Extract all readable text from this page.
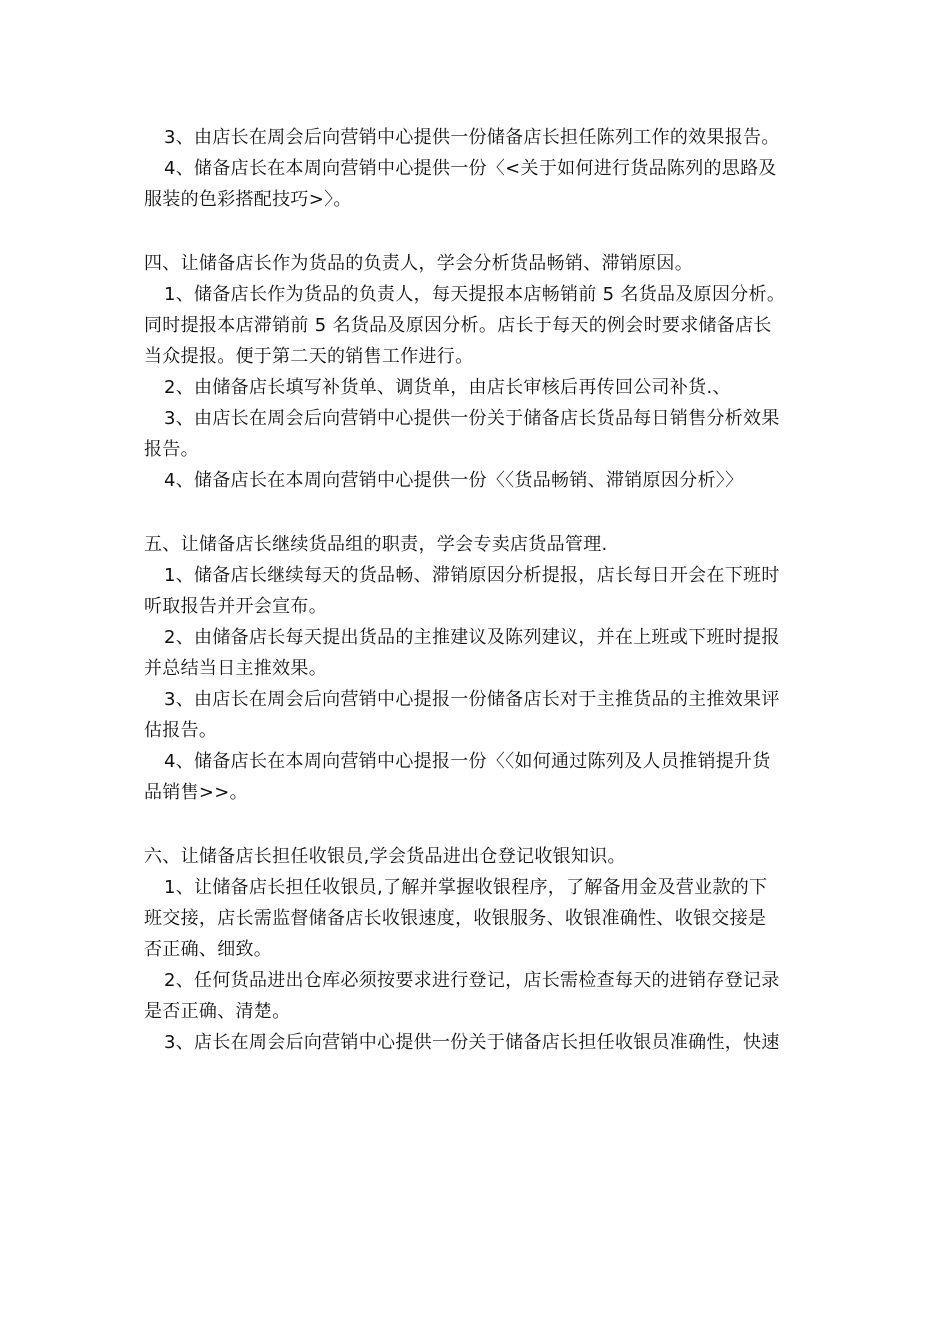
3、由店长在周会后向营销中心提供一份储备店长担任陈列工作的效果报告。

4、储备店长在本周向营销中心提供一份〈<关于如何进行货品陈列的思路及

服装的色彩搭配技巧>〉。

四、让储备店长作为货品的负责人，学会分析货品畅销、滞销原因。

1、储备店长作为货品的负责人，每天提报本店畅销前 5 名货品及原因分析。

同时提报本店滞销前 5 名货品及原因分析。店长于每天的例会时要求储备店长

当众提报。便于第二天的销售工作进行。

2、由储备店长填写补货单、调货单，由店长审核后再传回公司补货.、

3、由店长在周会后向营销中心提供一份关于储备店长货品每日销售分析效果

报告。

4、储备店长在本周向营销中心提供一份〈〈货品畅销、滞销原因分析〉〉

五、让储备店长继续货品组的职责，学会专卖店货品管理.

1、储备店长继续每天的货品畅、滞销原因分析提报，店长每日开会在下班时

听取报告并开会宣布。

2、由储备店长每天提出货品的主推建议及陈列建议，并在上班或下班时提报

并总结当日主推效果。

3、由店长在周会后向营销中心提报一份储备店长对于主推货品的主推效果评

估报告。

4、储备店长在本周向营销中心提报一份〈〈如何通过陈列及人员推销提升货

品销售>>。

六、让储备店长担任收银员,学会货品进出仓登记收银知识。

1、让储备店长担任收银员,了解并掌握收银程序，了解备用金及营业款的下

班交接，店长需监督储备店长收银速度，收银服务、收银准确性、收银交接是

否正确、细致。

2、任何货品进出仓库必须按要求进行登记，店长需检查每天的进销存登记录

是否正确、清楚。

3、店长在周会后向营销中心提供一份关于储备店长担任收银员准确性，快速
